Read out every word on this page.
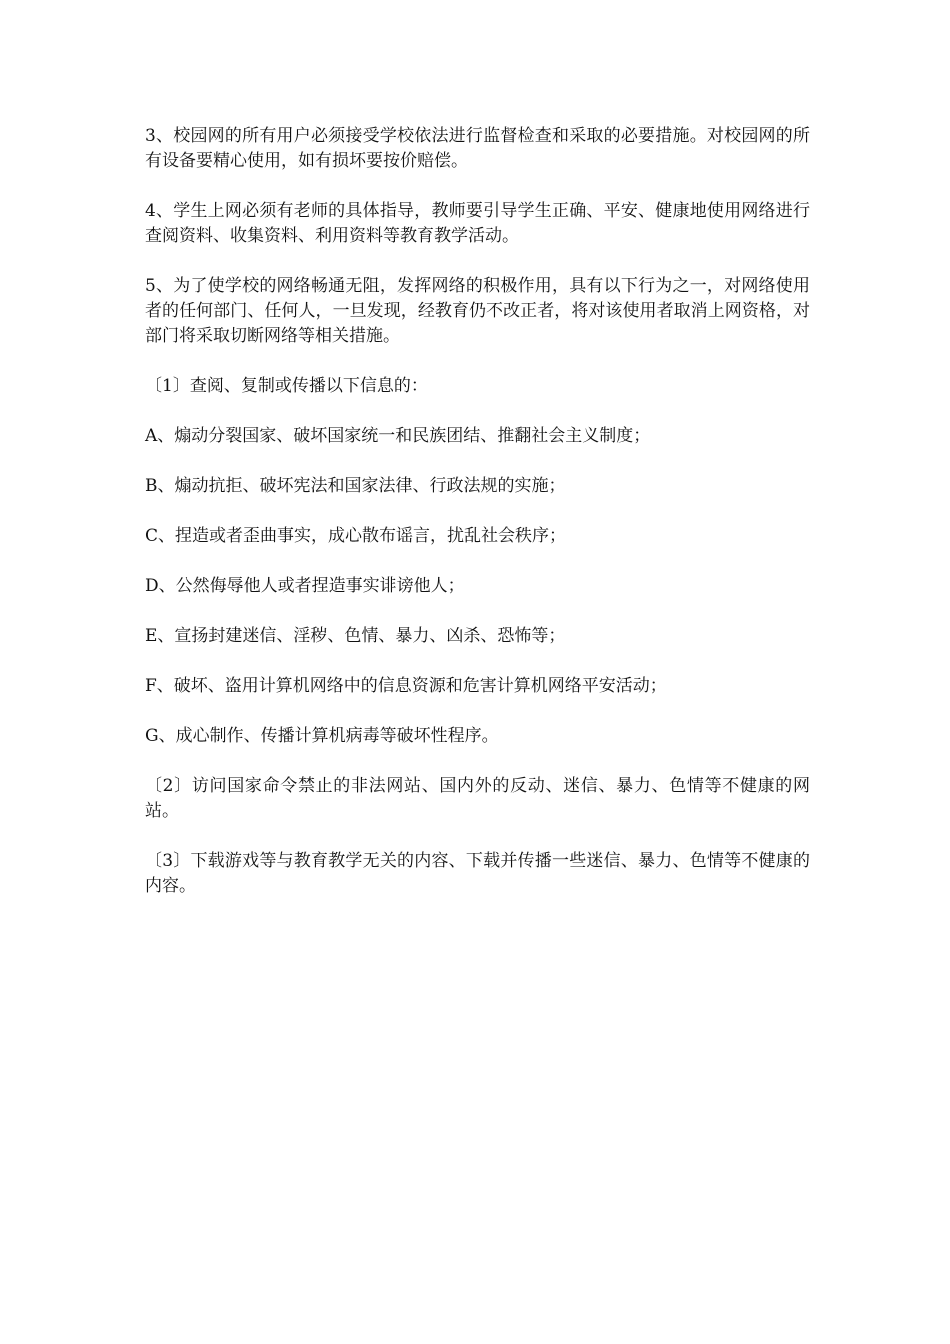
3、校园网的所有用户必须接受学校依法进行监督检查和采取的必要措施。对校园网的所有设备要精心使用，如有损坏要按价赔偿。

4、学生上网必须有老师的具体指导，教师要引导学生正确、平安、健康地使用网络进行查阅资料、收集资料、利用资料等教育教学活动。

5、为了使学校的网络畅通无阻，发挥网络的积极作用，具有以下行为之一，对网络使用者的任何部门、任何人，一旦发现，经教育仍不改正者，将对该使用者取消上网资格，对部门将采取切断网络等相关措施。

〔1〕查阅、复制或传播以下信息的：

A、煽动分裂国家、破坏国家统一和民族团结、推翻社会主义制度；

B、煽动抗拒、破坏宪法和国家法律、行政法规的实施；

C、捏造或者歪曲事实，成心散布谣言，扰乱社会秩序；

D、公然侮辱他人或者捏造事实诽谤他人；

E、宣扬封建迷信、淫秽、色情、暴力、凶杀、恐怖等；

F、破坏、盗用计算机网络中的信息资源和危害计算机网络平安活动；

G、成心制作、传播计算机病毒等破坏性程序。

〔2〕访问国家命令禁止的非法网站、国内外的反动、迷信、暴力、色情等不健康的网站。

〔3〕下载游戏等与教育教学无关的内容、下载并传播一些迷信、暴力、色情等不健康的内容。
